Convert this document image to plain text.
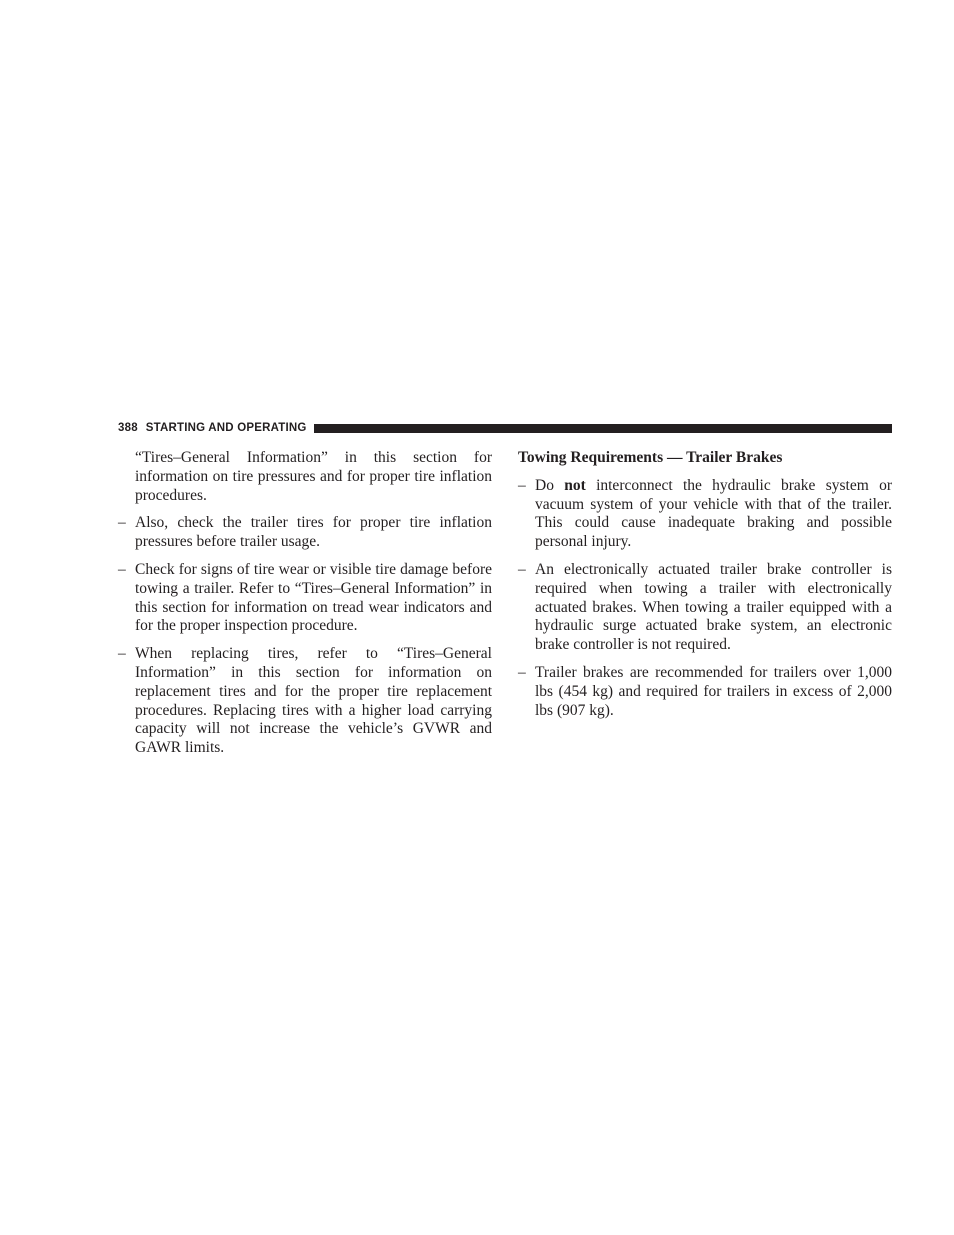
388 STARTING AND OPERATING
“Tires–General Information” in this section for information on tire pressures and for proper tire inflation procedures.
– Also, check the trailer tires for proper tire inflation pressures before trailer usage.
– Check for signs of tire wear or visible tire damage before towing a trailer. Refer to “Tires–General Information” in this section for information on tread wear indicators and for the proper inspection procedure.
– When replacing tires, refer to “Tires–General Information” in this section for information on replacement tires and for the proper tire replacement procedures. Replacing tires with a higher load carrying capacity will not increase the vehicle’s GVWR and GAWR limits.
Towing Requirements — Trailer Brakes
– Do not interconnect the hydraulic brake system or vacuum system of your vehicle with that of the trailer. This could cause inadequate braking and possible personal injury.
– An electronically actuated trailer brake controller is required when towing a trailer with electronically actuated brakes. When towing a trailer equipped with a hydraulic surge actuated brake system, an electronic brake controller is not required.
– Trailer brakes are recommended for trailers over 1,000 lbs (454 kg) and required for trailers in excess of 2,000 lbs (907 kg).
